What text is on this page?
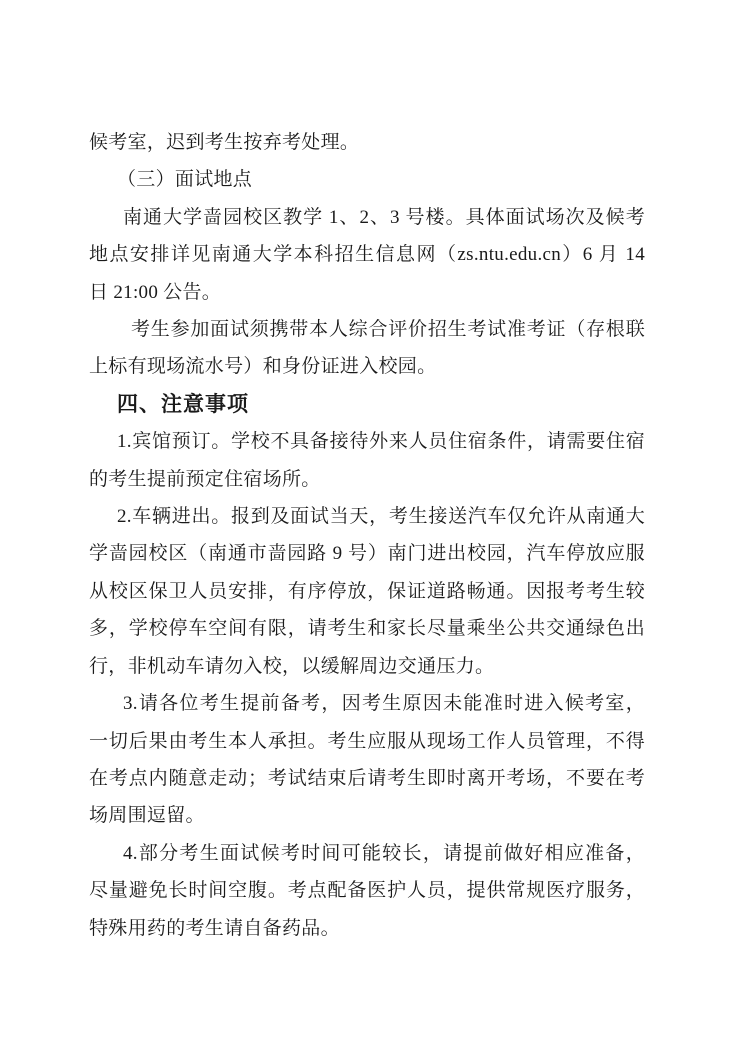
候考室，迟到考生按弃考处理。
（三）面试地点
南通大学啬园校区教学 1、2、3 号楼。具体面试场次及候考
地点安排详见南通大学本科招生信息网（zs.ntu.edu.cn）6 月 14
日 21:00 公告。
考生参加面试须携带本人综合评价招生考试准考证（存根联
上标有现场流水号）和身份证进入校园。
四、注意事项
1.宾馆预订。学校不具备接待外来人员住宿条件，请需要住宿
的考生提前预定住宿场所。
2.车辆进出。报到及面试当天，考生接送汽车仅允许从南通大
学啬园校区（南通市啬园路 9 号）南门进出校园，汽车停放应服
从校区保卫人员安排，有序停放，保证道路畅通。因报考考生较
多，学校停车空间有限，请考生和家长尽量乘坐公共交通绿色出
行，非机动车请勿入校，以缓解周边交通压力。
3.请各位考生提前备考，因考生原因未能准时进入候考室，
一切后果由考生本人承担。考生应服从现场工作人员管理，不得
在考点内随意走动；考试结束后请考生即时离开考场，不要在考
场周围逗留。
4.部分考生面试候考时间可能较长，请提前做好相应准备，
尽量避免长时间空腹。考点配备医护人员，提供常规医疗服务，
特殊用药的考生请自备药品。
